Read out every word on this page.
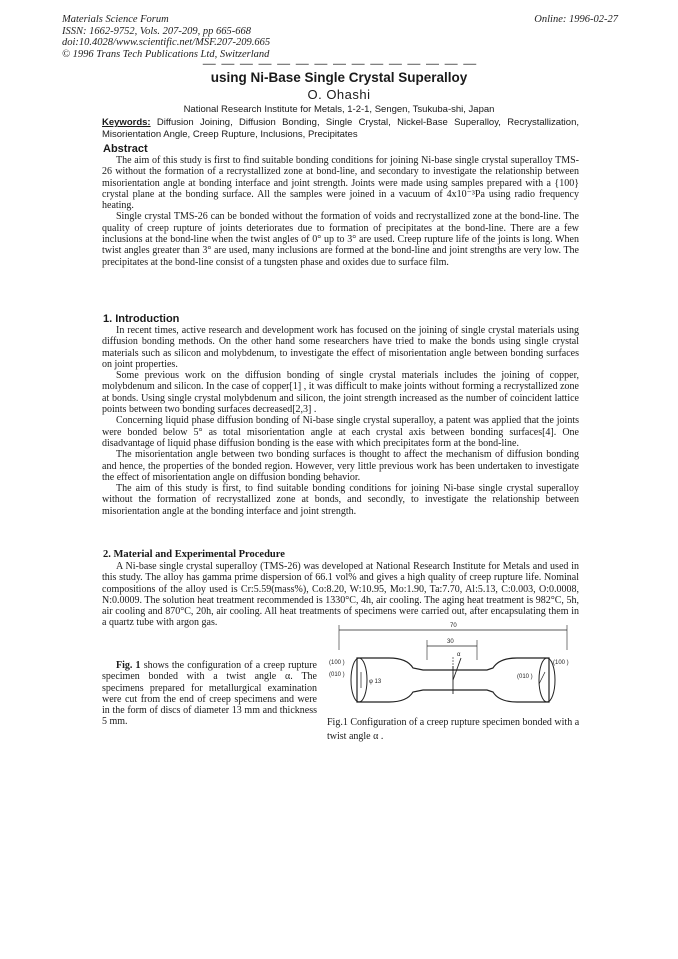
Materials Science Forum
ISSN: 1662-9752, Vols. 207-209, pp 665-668
doi:10.4028/www.scientific.net/MSF.207-209.665
© 1996 Trans Tech Publications Ltd, Switzerland
Online: 1996-02-27
— — — — — — — — — — — — — — —
using Ni-Base Single Crystal Superalloy
O. Ohashi
National Research Institute for Metals, 1-2-1, Sengen, Tsukuba-shi, Japan
Keywords: Diffusion Joining, Diffusion Bonding, Single Crystal, Nickel-Base Superalloy, Recrystallization, Misorientation Angle, Creep Rupture, Inclusions, Precipitates
Abstract

The aim of this study is first to find suitable bonding conditions for joining Ni-base single crystal superalloy TMS-26 without the formation of a recrystallized zone at bond-line, and secondary to investigate the relationship between misorientation angle at bonding interface and joint strength. Joints were made using samples prepared with a {100} crystal plane at the bonding surface. All the samples were joined in a vacuum of 4x10⁻³Pa using radio frequency heating.

Single crystal TMS-26 can be bonded without the formation of voids and recrystallized zone at the bond-line. The quality of creep rupture of joints deteriorates due to formation of precipitates at the bond-line. There are a few inclusions at the bond-line when the twist angles of 0° up to 3° are used. Creep rupture life of the joints is long. When twist angles greater than 3° are used, many inclusions are formed at the bond-line and joint strengths are very low. The precipitates at the bond-line consist of a tungsten phase and oxides due to surface film.

1. Introduction

In recent times, active research and development work has focused on the joining of single crystal materials using diffusion bonding methods. On the other hand some researchers have tried to make the bonds using single crystal materials such as silicon and molybdenum, to investigate the effect of misorientation angle between bonding surfaces on joint properties.

Some previous work on the diffusion bonding of single crystal materials includes the joining of copper, molybdenum and silicon. In the case of copper[1] , it was difficult to make joints without forming a recrystallized zone at bonds. Using single crystal molybdenum and silicon, the joint strength increased as the number of coincident lattice points between two bonding surfaces decreased[2,3] .

Concerning liquid phase diffusion bonding of Ni-base single crystal superalloy, a patent was applied that the joints were bonded below 5° as total misorientation angle at each crystal axis between bonding surfaces[4]. One disadvantage of liquid phase diffusion bonding is the ease with which precipitates form at the bond-line.

The misorientation angle between two bonding surfaces is thought to affect the mechanism of diffusion bonding and hence, the properties of the bonded region. However, very little previous work has been undertaken to investigate the effect of misorientation angle on diffusion bonding behavior.

The aim of this study is first, to find suitable bonding conditions for joining Ni-base single crystal superalloy without the formation of recrystallized zone at bonds, and secondly, to investigate the relationship between misorientation angle at the bonding interface and joint strength.

2. Material and Experimental Procedure

A Ni-base single crystal superalloy (TMS-26) was developed at National Research Institute for Metals and used in this study. The alloy has gamma prime dispersion of 66.1 vol% and gives a high quality of creep rupture life. Nominal compositions of the alloy used is Cr:5.59(mass%), Co:8.20, W:10.95, Mo:1.90, Ta:7.70, Al:5.13, C:0.003, O:0.0008, N:0.0009. The solution heat treatment recommended is 1330°C, 4h, air cooling. The aging heat treatment is 982°C, 5h, air cooling and 870°C, 20h, air cooling. All heat treatments of specimens were carried out, after encapsulating them in a quartz tube with argon gas.

Fig. 1 shows the configuration of a creep rupture specimen bonded with a twist angle α. The specimens prepared for metallurgical examination were cut from the end of creep specimens and were in the form of discs of diameter 13 mm and thickness 5 mm.

70
30
α
(100 )
(010 )
φ 13
(100 )
(010 )
Fig.1 Configuration of a creep rupture specimen bonded with a twist angle α .
